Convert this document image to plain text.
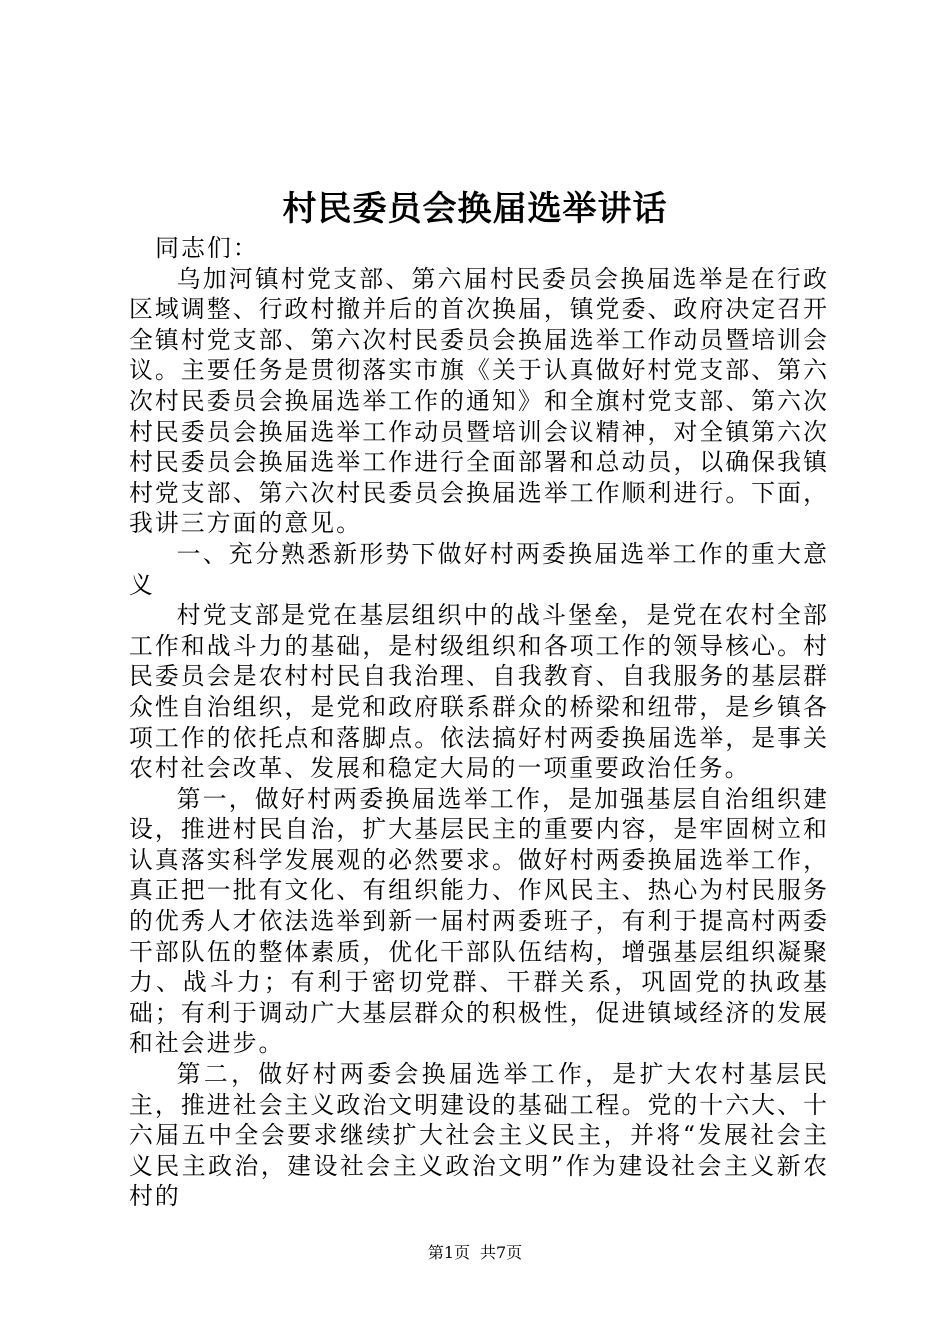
村民委员会换届选举讲话

同志们：

乌加河镇村党支部、第六届村民委员会换届选举是在行政区域调整、行政村撤并后的首次换届，镇党委、政府决定召开全镇村党支部、第六次村民委员会换届选举工作动员暨培训会议。主要任务是贯彻落实市旗《关于认真做好村党支部、第六次村民委员会换届选举工作的通知》和全旗村党支部、第六次村民委员会换届选举工作动员暨培训会议精神，对全镇第六次村民委员会换届选举工作进行全面部署和总动员，以确保我镇村党支部、第六次村民委员会换届选举工作顺利进行。下面，我讲三方面的意见。

一、充分熟悉新形势下做好村两委换届选举工作的重大意义

村党支部是党在基层组织中的战斗堡垒，是党在农村全部工作和战斗力的基础，是村级组织和各项工作的领导核心。村民委员会是农村村民自我治理、自我教育、自我服务的基层群众性自治组织，是党和政府联系群众的桥梁和纽带，是乡镇各项工作的依托点和落脚点。依法搞好村两委换届选举，是事关农村社会改革、发展和稳定大局的一项重要政治任务。

第一，做好村两委换届选举工作，是加强基层自治组织建设，推进村民自治，扩大基层民主的重要内容，是牢固树立和认真落实科学发展观的必然要求。做好村两委换届选举工作，真正把一批有文化、有组织能力、作风民主、热心为村民服务的优秀人才依法选举到新一届村两委班子，有利于提高村两委干部队伍的整体素质，优化干部队伍结构，增强基层组织凝聚力、战斗力；有利于密切党群、干群关系，巩固党的执政基础；有利于调动广大基层群众的积极性，促进镇域经济的发展和社会进步。

第二，做好村两委会换届选举工作，是扩大农村基层民主，推进社会主义政治文明建设的基础工程。党的十六大、十六届五中全会要求继续扩大社会主义民主，并将“发展社会主义民主政治，建设社会主义政治文明”作为建设社会主义新农村的

第1页 共7页
